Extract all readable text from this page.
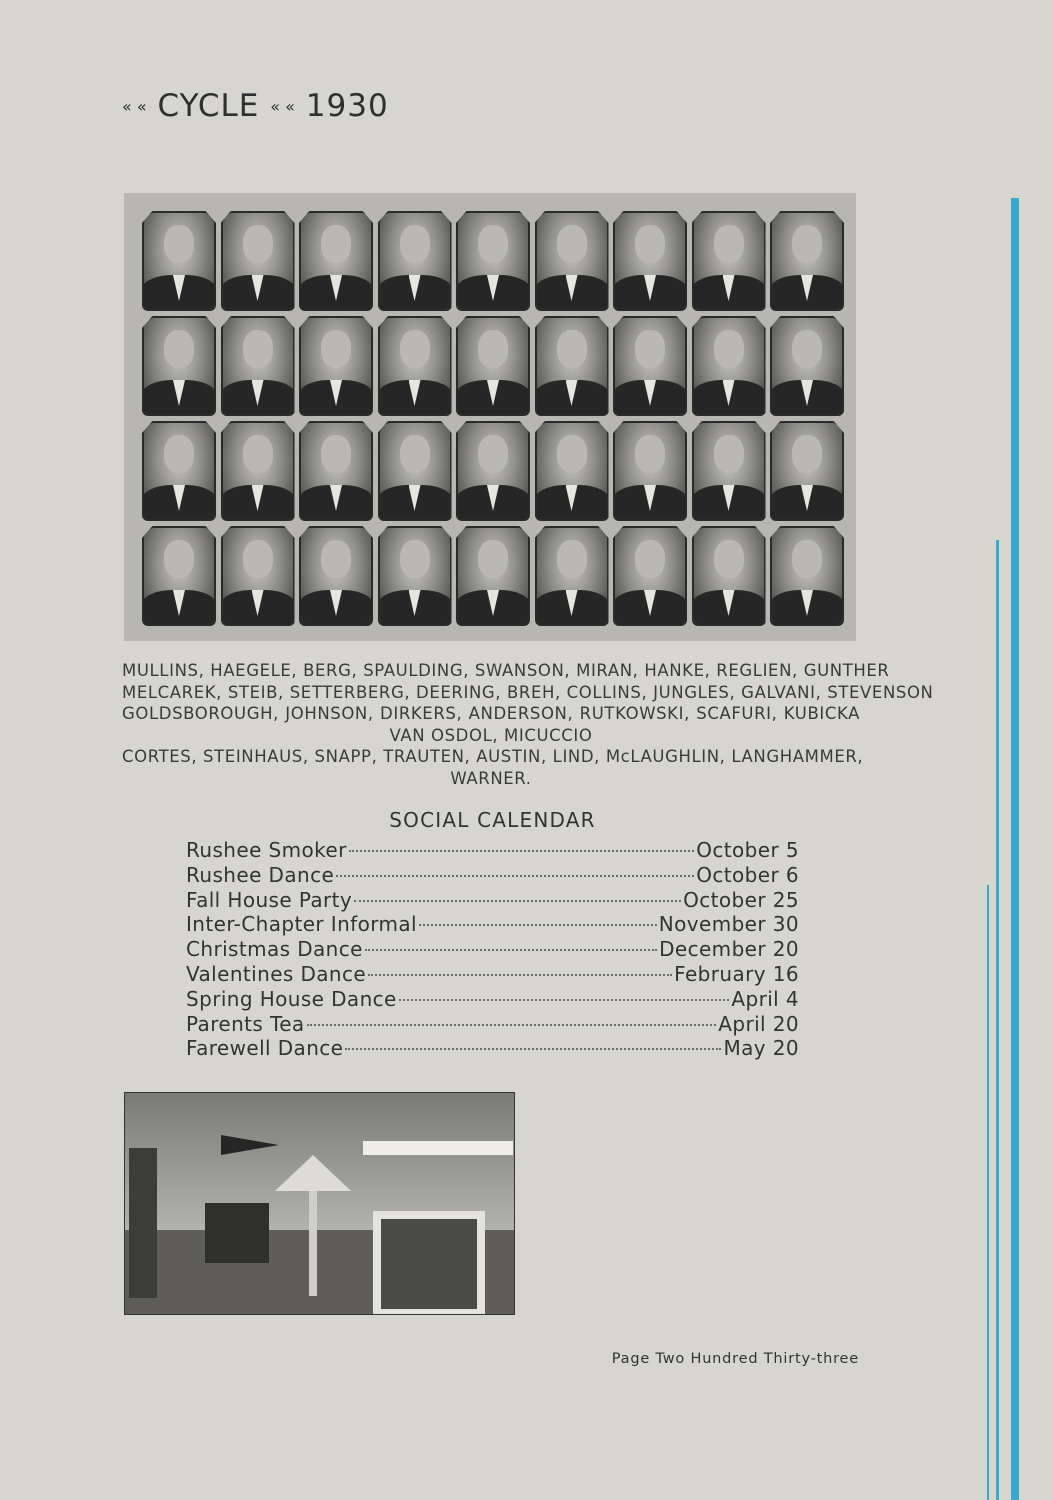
« « CYCLE « « 1930
MULLINS, HAEGELE, BERG, SPAULDING, SWANSON, MIRAN, HANKE, REGLIEN, GUNTHER
MELCAREK, STEIB, SETTERBERG, DEERING, BREH, COLLINS, JUNGLES, GALVANI, STEVENSON
GOLDSBOROUGH, JOHNSON, DIRKERS, ANDERSON, RUTKOWSKI, SCAFURI, KUBICKA
VAN OSDOL, MICUCCIO
CORTES, STEINHAUS, SNAPP, TRAUTEN, AUSTIN, LIND, McLAUGHLIN, LANGHAMMER,
WARNER.
SOCIAL CALENDAR
Rushee Smoker	October 5
Rushee Dance	October 6
Fall House Party	October 25
Inter-Chapter Informal	November 30
Christmas Dance	December 20
Valentines Dance	February 16
Spring House Dance	April 4
Parents Tea	April 20
Farewell Dance	May 20
Page Two Hundred Thirty-three
